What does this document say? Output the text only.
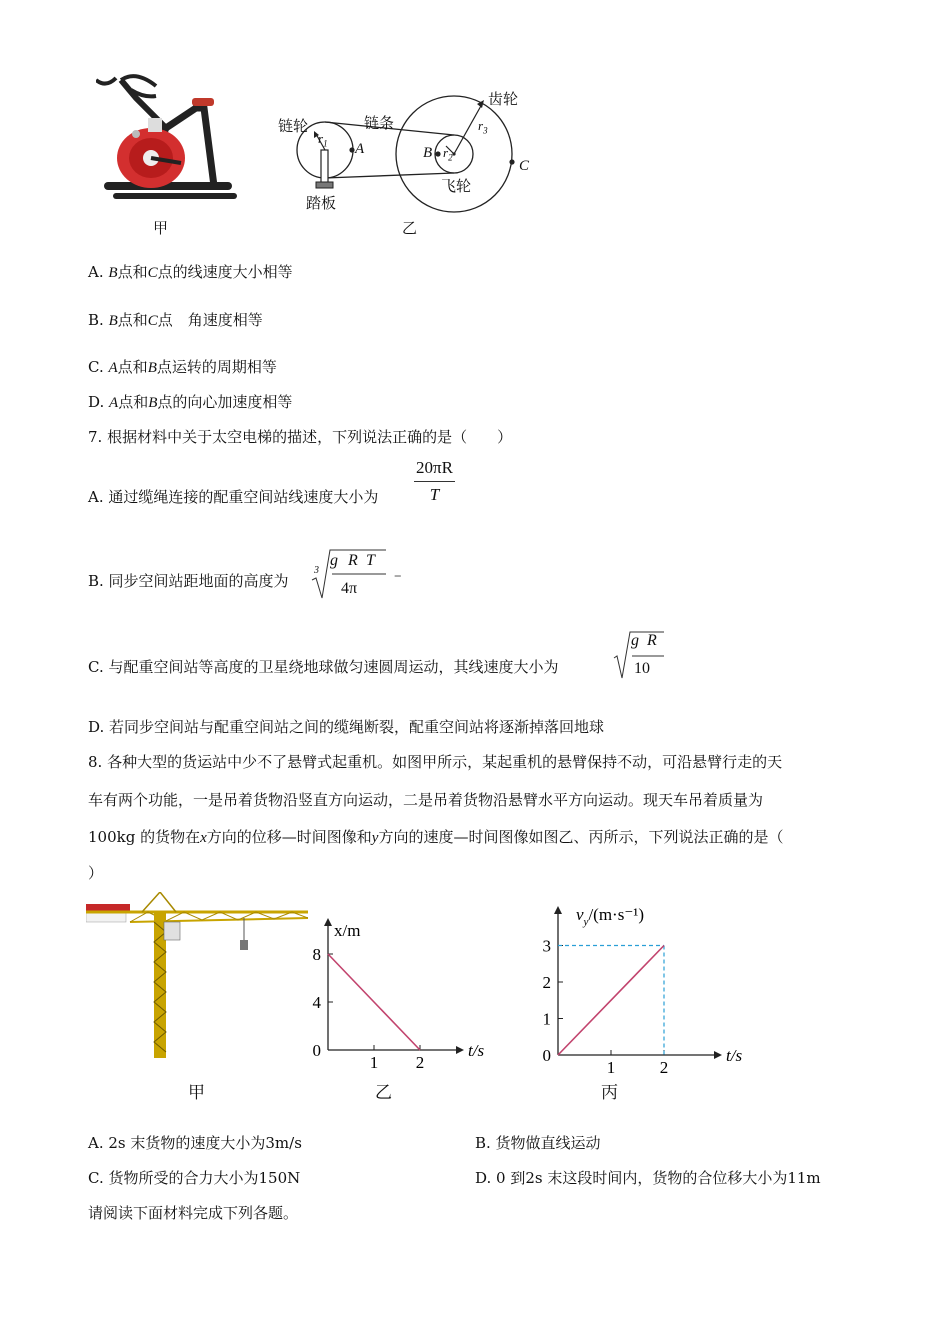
甲
链轮	链条
齿轮
飞轮
踏板
A	B
C
$r_1$
$r_2$
$r_3$
乙
A. B点和C点的线速度大小相等
B. B点和C点　角速度相等
C. A点和B点运转的周期相等
D. A点和B点的向心加速度相等
7. 根据材料中关于太空电梯的描述，下列说法正确的是（　　）
A. 通过缆绳连接的配重空间站线速度大小为 $\frac{20\pi R}{T}$
B. 同步空间站距地面的高度为
3
g R T
4π
–
C. 与配重空间站等高度的卫星绕地球做匀速圆周运动，其线速度大小为
g  R
10
D. 若同步空间站与配重空间站之间的缆绳断裂，配重空间站将逐渐掉落回地球
8. 各种大型的货运站中少不了悬臂式起重机。如图甲所示，某起重机的悬臂保持不动，可沿悬臂行走的天
车有两个功能，一是吊着货物沿竖直方向运动，二是吊着货物沿悬臂水平方向运动。现天车吊着质量为
100kg 的货物在x方向的位移—时间图像和y方向的速度—时间图像如图乙、丙所示，下列说法正确的是（
）
甲
0
4
8
1 2
t/s
x/m
乙
0
1
2
3
1	2
t/s
$v_y/(m\cdot s^{-1})$
丙
A. 2s 末货物的速度大小为3m/s	B. 货物做直线运动
C. 货物所受的合力大小为150N	D. 0 到2s 末这段时间内，货物的合位移大小为11m
请阅读下面材料完成下列各题。
